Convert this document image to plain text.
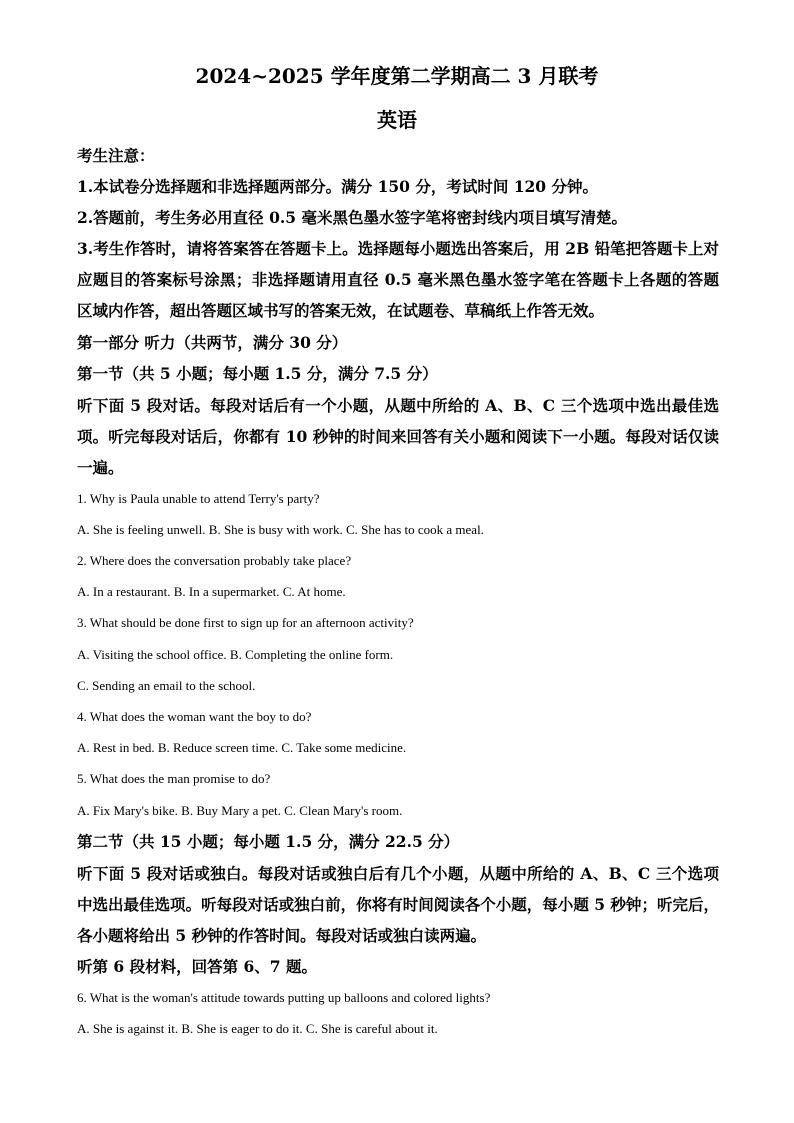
2024~2025 学年度第二学期高二 3 月联考
英语
考生注意：
1.本试卷分选择题和非选择题两部分。满分 150 分，考试时间 120 分钟。
2.答题前，考生务必用直径 0.5 毫米黑色墨水签字笔将密封线内项目填写清楚。
3.考生作答时，请将答案答在答题卡上。选择题每小题选出答案后，用 2B 铅笔把答题卡上对
应题目的答案标号涂黑；非选择题请用直径 0.5 毫米黑色墨水签字笔在答题卡上各题的答题
区域内作答，超出答题区域书写的答案无效，在试题卷、草稿纸上作答无效。
第一部分 听力（共两节，满分 30 分）
第一节（共 5 小题；每小题 1.5 分，满分 7.5 分）
听下面 5 段对话。每段对话后有一个小题，从题中所给的 A、B、C 三个选项中选出最佳选
项。听完每段对话后，你都有 10 秒钟的时间来回答有关小题和阅读下一小题。每段对话仅读
一遍。
1. Why is Paula unable to attend Terry's party?
A. She is feeling unwell. B. She is busy with work. C. She has to cook a meal.
2. Where does the conversation probably take place?
A. In a restaurant. B. In a supermarket. C. At home.
3. What should be done first to sign up for an afternoon activity?
A. Visiting the school office. B. Completing the online form.
C. Sending an email to the school.
4. What does the woman want the boy to do?
A. Rest in bed. B. Reduce screen time. C. Take some medicine.
5. What does the man promise to do?
A. Fix Mary's bike. B. Buy Mary a pet. C. Clean Mary's room.
第二节（共 15 小题；每小题 1.5 分，满分 22.5 分）
听下面 5 段对话或独白。每段对话或独白后有几个小题，从题中所给的 A、B、C 三个选项
中选出最佳选项。听每段对话或独白前，你将有时间阅读各个小题，每小题 5 秒钟；听完后，
各小题将给出 5 秒钟的作答时间。每段对话或独白读两遍。
听第 6 段材料，回答第 6、7 题。
6. What is the woman's attitude towards putting up balloons and colored lights?
A. She is against it. B. She is eager to do it. C. She is careful about it.
